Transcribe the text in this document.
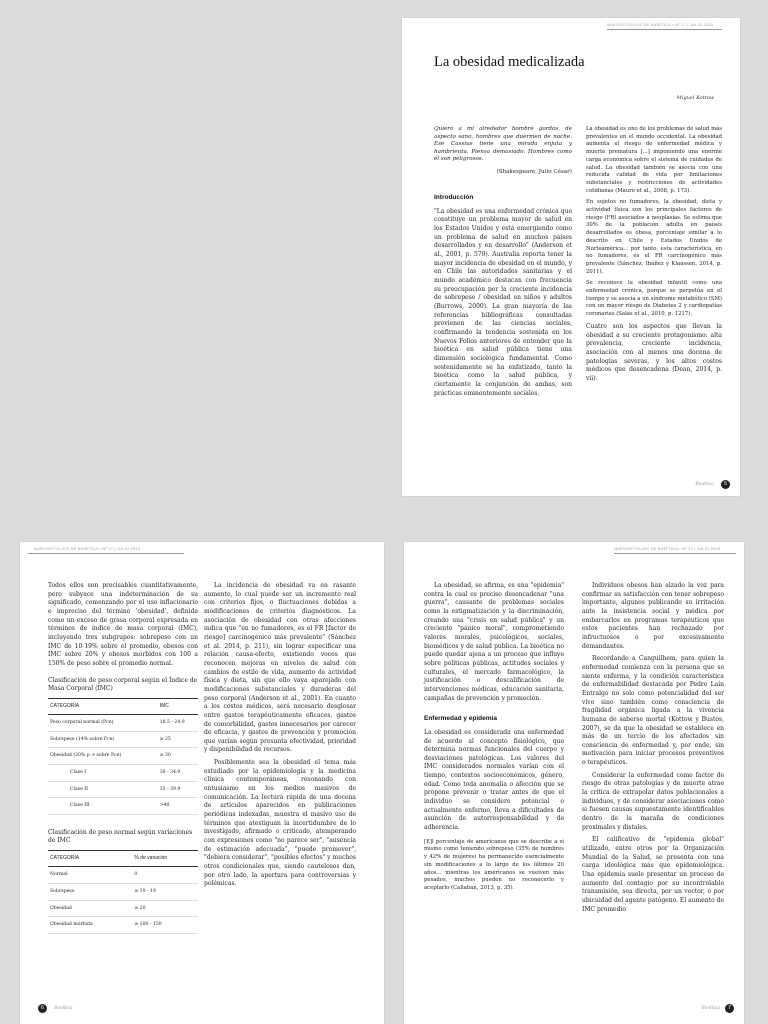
NUEVOS FOLIOS DE BIOÉTICA • Nº 17 | JULIO 2015
La obesidad medicalizada
Miguel Kottow

Quiero a mi alrededor hombre gordos, de aspecto sano, hombres que duermen de noche. Ese Cassius tiene una mirada enjuta y hambrienta. Piensa demasiado. Hombres como él son peligrosos.

(Shakespeare, Julio César)
Introducción

"La obesidad es una enfermedad crónica que constituye un problema mayor de salud en los Estados Unidos y está emergiendo como un problema de salud en muchos países desarrollados y en desarrollo" (Anderson et al., 2001, p. 579). Australia reporta tener la mayor incidencia de obesidad en el mundo, y en Chile las autoridades sanitarias y el mundo académico destacan con frecuencia su preocupación por la creciente incidencia de sobrepeso / obesidad en niños y adultos (Burrows, 2000). La gran mayoría de las referencias bibliográficas consultadas provienen de las ciencias sociales, confirmando la tendencia sostenida en los Nuevos Folios anteriores de entender que la bioética en salud pública tiene una dimensión sociológica fundamental. Como sostenidamente se ha enfatizado, tanto la bioética como la salud pública, y ciertamente la conjunción de ambas, son prácticas eminentemente sociales.

La obesidad es uno de los problemas de salud más prevalentes en el mundo occidental. La obesidad aumenta el riesgo de enfermedad médica y muerte prematura [...] imponiendo una enorme carga económica sobre el sistema de cuidados de salud. La obesidad también se asocia con una reducida calidad de vida por limitaciones substanciales y restricciones de actividades cotidianas (Mauro et al., 2008, p. 173).

En sujetos no fumadores, la obesidad, dieta y actividad física son los principales factores de riesgo (FR) asociados a neoplasias. Se estima que 30% de la población adulta en países desarrollados es obesa, porcentaje similar a lo descrito en Chile y Estados Unidos de Norteamérica... por tanto, esta característica, en no fumadores, es el FR carcinogénico más prevalente (Sánchez, Ibáñez y Klaassen, 2014, p. 2011).

Se reconoce la obesidad infantil como una enfermedad crónica, porque se perpetúa en el tiempo y se asocia a un síndrome metabólico (SM) con un mayor riesgo de Diabetes 2 y cardiopatías coronarias (Salas et al., 2010, p. 1217).

Cuatro son los aspectos que llevan la obesidad a su creciente protagonismo: alta prevalencia, creciente incidencia, asociación con al menos una docena de patologías severas, y los altos costos médicos que desencadena (Dean, 2014, p. vii).

Bioética	5
NUEVOS FOLIOS DE BIOÉTICA • Nº 17 | JULIO 2015

Todos ellos son precisables cuantitativamente, pero subyace una indeterminación de su significado, comenzando por el uso inflacionario e impreciso del término 'obesidad', definida como un exceso de grasa corporal expresada en términos de índice de masa corporal (IMC), incluyendo tres subgrupos: sobrepeso con un IMC de 10-19% sobre el promedio, obesos con IMC sobre 20% y obesos mórbidos con 100 a 150% de peso sobre el promedio normal.

Clasificación de peso corporal según el Índice de Masa Corporal (IMC)
CATEGORÍA	IMC
Peso corporal normal (Pcn)	18.5 - 24.9
Sobrepeso (14% sobre Pcn)	≥ 25
Obesidad (20% p + sobre Pcn)	≥ 30
Clase I	30 - 34.9
Clase II	35 - 39.9
Clase III	>40
Clasificación de peso normal según variaciones de IMC
CATEGORÍA	% de variación
Normal	0
Sobrepeso	≥ 10 - 19
Obesidad	≥ 20
Obesidad mórbida	≥ 100 - 150

La incidencia de obesidad va en rasante aumento, lo cual puede ser un incremento real con criterios fijos, o fluctuaciones debidas a modificaciones de criterios diagnósticos. La asociación de obesidad con otras afecciones indica que "en no fumadores, es el FR [factor de riesgo] carcinogénico más prevalente" (Sánchez et al. 2014, p. 211), sin lograr especificar una relación causa-efecto, existiendo voces que reconocen mejoras en niveles de salud con cambios de estilo de vida, aumento de actividad física y dieta, sin que ello vaya aparejado con modificaciones substanciales y duraderas del peso corporal (Anderson et al., 2001). En cuanto a los costos médicos, será necesario desglosar entre gastos terapéuticamente eficaces, gastos de comorbilidad, gastos innecesarios por carecer de eficacia, y gastos de prevención y promoción que varían según presunta efectividad, prioridad y disponibilidad de recursos.

Posiblemente sea la obesidad el tema más estudiado por la epidemiología y la medicina clínica contemporáneas, resonando con entusiasmo en los medios masivos de comunicación. La lectura rápida de una docena de artículos aparecidos en publicaciones periódicas indexadas, muestra el masivo uso de términos que atestiguan la incertidumbre de lo investigado, afirmado o criticado, atemperando con expresiones como "no parece ser", "ausencia de estimación adecuada", "puede promover", "debiera considerar", "posibles efectos" y muchos otros condicionales que, siendo cautelosos dan, por otro lado, la apertura para controversias y polémicas.

6	Bioética
NUEVOS FOLIOS DE BIOÉTICA • Nº 17 | JULIO 2015

La obesidad, se afirma, es una "epidemia" contra la cual es preciso desencadenar "una guerra", causante de problemas sociales como la estigmatización y la discriminación, creando una "crisis en salud pública" y un creciente "pánico moral", comprometiendo valores morales, psicológicos, sociales, biomédicos y de salud pública. La bioética no puede quedar ajena a un proceso que influye sobre políticas públicas, actitudes sociales y culturales, el mercado farmacológico, la justificación o descalificación de intervenciones médicas, educación sanitaria, campañas de prevención y promoción.

Enfermedad y epidemia

La obesidad es considerada una enfermedad de acuerdo al concepto fisiológico, que determina normas funcionales del cuerpo y desviaciones patológicas. Los valores del IMC considerados normales varían con el tiempo, contextos socioeconómicos, género, edad. Como toda anomalía o afección que se propone prevenir o tratar antes de que el individuo se considere potencial o actualmente enfermo, lleva a dificultades de asunción de autorresponsabilidad y de adherencia.

[E]l porcentaje de americanos que se describe a sí mismo como teniendo sobrepeso (35% de hombres y 42% de mujeres) ha permanecido esencialmente sin modificaciones a lo largo de los últimos 20 años... mientras los americanos se vuelven más pesados, muchos pueden no reconocerlo y aceptarlo (Callahan, 2013, p. 35).

Individuos obesos han alzado la voz para confirmar su satisfacción con tener sobrepeso importante, algunos publicando su irritación ante la insistencia social y médica por embarcarlos en programas terapéuticos que estos pacientes han rechazado por infructuosos o por excesivamente demandantes.

Recordando a Canguilhem, para quien la enfermedad comienza con la persona que se siente enferma, y la condición característica de enfermabilidad destacada por Pedro Laín Entralgo no solo como potencialidad del ser vivo sino también como consciencia de fragilidad orgánica ligada a la vivencia humana de saberse mortal (Kottow y Bustos, 2007), se da que la obesidad se establece en más de un tercio de los afectados sin consciencia de enfermedad y, por ende, sin motivación para iniciar procesos preventivos o terapéuticos.

Considerar la enfermedad como factor de riesgo de otras patologías y de muerte atrae la crítica de extrapolar datos poblacionales a individuos, y de considerar asociaciones como si fuesen causas supuestamente identificables dentro de la maraña de condiciones proximales y distales.

El calificativo de "epidemia global" utilizado, entre otros por la Organización Mundial de la Salud, se presenta con una carga ideológica más que epidemiológica. Una epidemia suele presentar un proceso de aumento del contagio por su incontrolable transmisión, sea directa, por un vector, o por ubicuidad del agente patógeno. El aumento de IMC promedio

Bioética	7
